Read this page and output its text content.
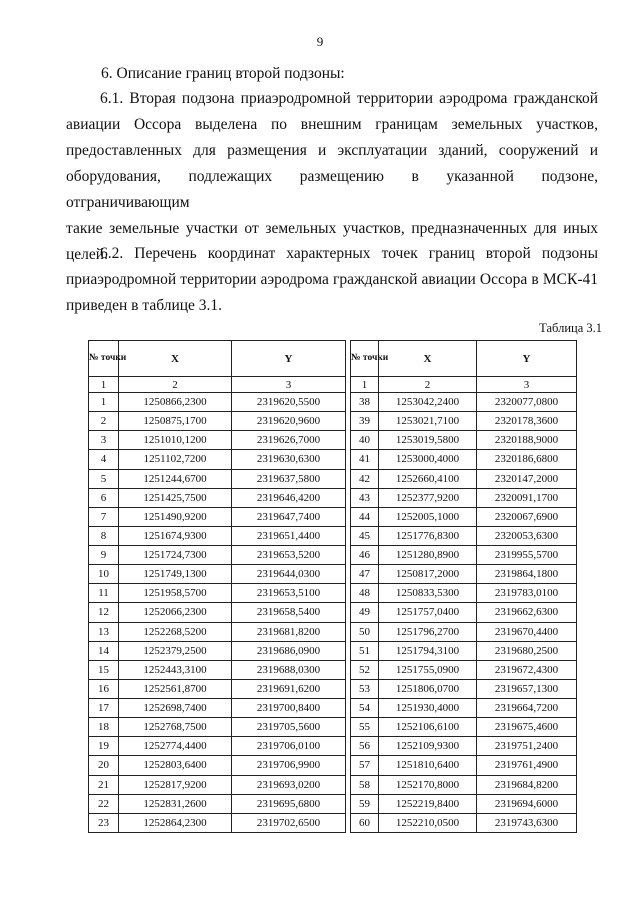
9
6. Описание границ второй подзоны:

6.1. Вторая подзона приаэродромной территории аэродрома гражданской
авиации Оссора выделена по внешним границам земельных участков,
предоставленных для размещения и эксплуатации зданий, сооружений и
оборудования, подлежащих размещению в указанной подзоне, отграничивающим
такие земельные участки от земельных участков, предназначенных для иных
целей.

6.2. Перечень координат характерных точек границ второй подзоны
приаэродромной территории аэродрома гражданской авиации Оссора в МСК-41
приведен в таблице 3.1.

Таблица 3.1
№ точки	X	Y
1	2	3
1	1250866,2300	2319620,5500
2	1250875,1700	2319620,9600
3	1251010,1200	2319626,7000
4	1251102,7200	2319630,6300
5	1251244,6700	2319637,5800
6	1251425,7500	2319646,4200
7	1251490,9200	2319647,7400
8	1251674,9300	2319651,4400
9	1251724,7300	2319653,5200
10	1251749,1300	2319644,0300
11	1251958,5700	2319653,5100
12	1252066,2300	2319658,5400
13	1252268,5200	2319681,8200
14	1252379,2500	2319686,0900
15	1252443,3100	2319688,0300
16	1252561,8700	2319691,6200
17	1252698,7400	2319700,8400
18	1252768,7500	2319705,5600
19	1252774,4400	2319706,0100
20	1252803,6400	2319706,9900
21	1252817,9200	2319693,0200
22	1252831,2600	2319695,6800
23	1252864,2300	2319702,6500
№ точки	X	Y
1	2	3
38	1253042,2400	2320077,0800
39	1253021,7100	2320178,3600
40	1253019,5800	2320188,9000
41	1253000,4000	2320186,6800
42	1252660,4100	2320147,2000
43	1252377,9200	2320091,1700
44	1252005,1000	2320067,6900
45	1251776,8300	2320053,6300
46	1251280,8900	2319955,5700
47	1250817,2000	2319864,1800
48	1250833,5300	2319783,0100
49	1251757,0400	2319662,6300
50	1251796,2700	2319670,4400
51	1251794,3100	2319680,2500
52	1251755,0900	2319672,4300
53	1251806,0700	2319657,1300
54	1251930,4000	2319664,7200
55	1252106,6100	2319675,4600
56	1252109,9300	2319751,2400
57	1251810,6400	2319761,4900
58	1252170,8000	2319684,8200
59	1252219,8400	2319694,6000
60	1252210,0500	2319743,6300
